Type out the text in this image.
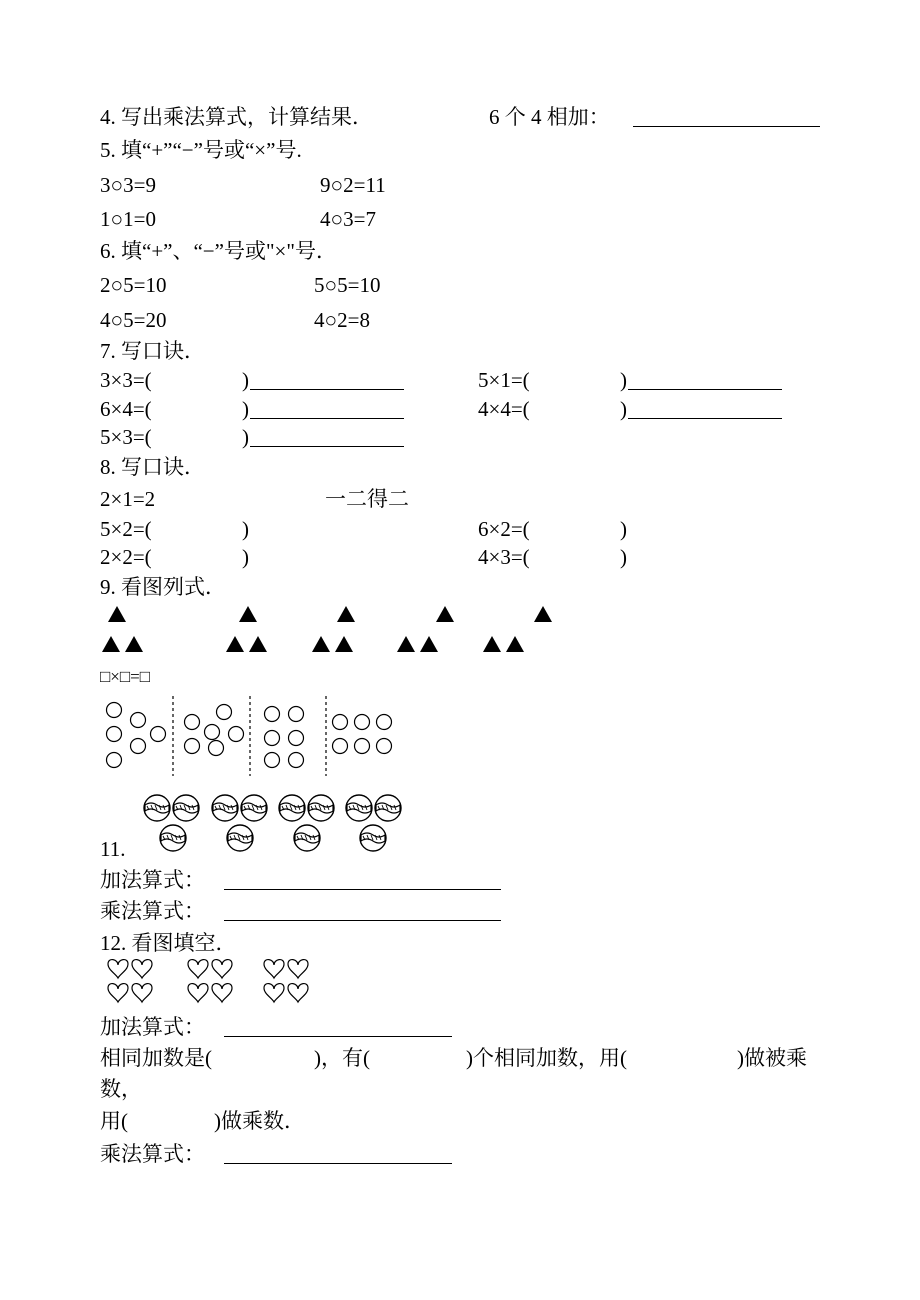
4. 写出乘法算式，计算结果．	6 个 4 相加：
5. 填“+”“−”号或“×”号.
3○3=9	9○2=11
1○1=0	4○3=7
6. 填“+”、“−”号或"×"号．
2○5=10	5○5=10
4○5=20	4○2=8
7. 写口诀．
3×3=(	)	5×1=(	)
6×4=(	)	4×4=(	)
5×3=(	)
8. 写口诀．
2×1=2	一二得二
5×2=(	)	6×2=(	)
2×2=(	)	4×3=(	)
9. 看图列式．
□×□=□
11.
加法算式：
乘法算式：
12. 看图填空．
加法算式：
相同加数是(	)，有(	)个相同加数，用(	)做被乘
数，
用(	)做乘数．
乘法算式：
